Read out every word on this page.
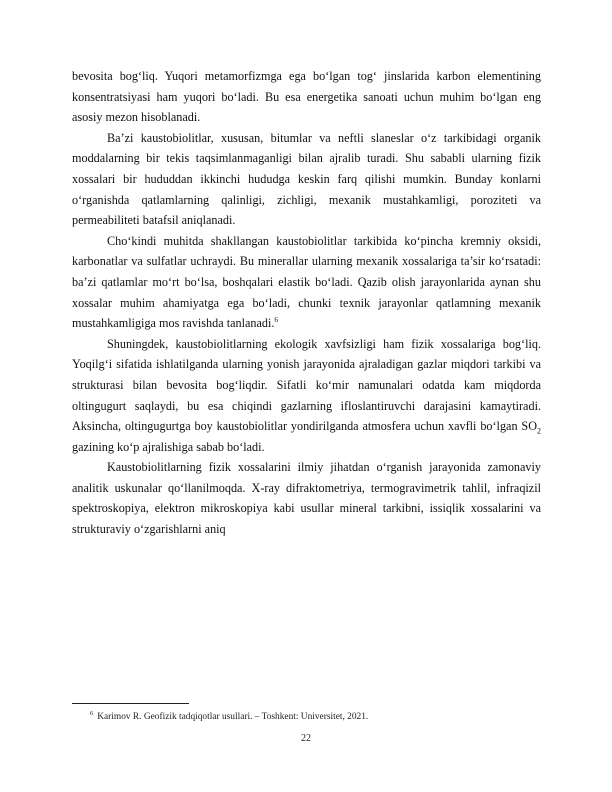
bevosita bog‘liq. Yuqori metamorfizmga ega bo‘lgan tog‘ jinslarida karbon elementining konsentratsiyasi ham yuqori bo‘ladi. Bu esa energetika sanoati uchun muhim bo‘lgan eng asosiy mezon hisoblanadi.

Ba’zi kaustobiolitlar, xususan, bitumlar va neftli slaneslar o‘z tarkibidagi organik moddalarning bir tekis taqsimlanmaganligi bilan ajralib turadi. Shu sababli ularning fizik xossalari bir hududdan ikkinchi hududga keskin farq qilishi mumkin. Bunday konlarni o‘rganishda qatlamlarning qalinligi, zichligi, mexanik mustahkamligi, poroziteti va permeabiliteti batafsil aniqlanadi.

Cho‘kindi muhitda shakllangan kaustobiolitlar tarkibida ko‘pincha kremniy oksidi, karbonatlar va sulfatlar uchraydi. Bu minerallar ularning mexanik xossalariga ta’sir ko‘rsatadi: ba’zi qatlamlar mo‘rt bo‘lsa, boshqalari elastik bo‘ladi. Qazib olish jarayonlarida aynan shu xossalar muhim ahamiyatga ega bo‘ladi, chunki texnik jarayonlar qatlamning mexanik mustahkamligiga mos ravishda tanlanadi.$^6$

Shuningdek, kaustobiolitlarning ekologik xavfsizligi ham fizik xossalariga bog‘liq. Yoqilg‘i sifatida ishlatilganda ularning yonish jarayonida ajraladigan gazlar miqdori tarkibi va strukturasi bilan bevosita bog‘liqdir. Sifatli ko‘mir namunalari odatda kam miqdorda oltingugurt saqlaydi, bu esa chiqindi gazlarning ifloslantiruvchi darajasini kamaytiradi. Aksincha, oltingugurtga boy kaustobiolitlar yondirilganda atmosfera uchun xavfli bo‘lgan $SO_2$ gazining ko‘p ajralishiga sabab bo‘ladi.

Kaustobiolitlarning fizik xossalarini ilmiy jihatdan o‘rganish jarayonida zamonaviy analitik uskunalar qo‘llanilmoqda. X-ray difraktometriya, termogravimetrik tahlil, infraqizil spektroskopiya, elektron mikroskopiya kabi usullar mineral tarkibni, issiqlik xossalarini va strukturaviy o‘zgarishlarni aniq

$^6$ Karimov R. Geofizik tadqiqotlar usullari. – Toshkent: Universitet, 2021.
22
